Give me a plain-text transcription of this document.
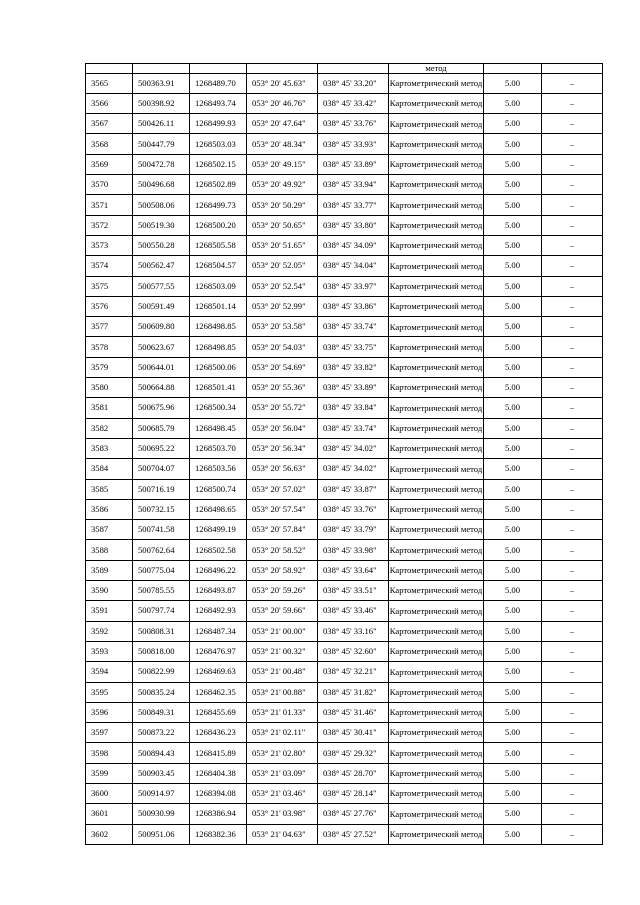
					метод		
3565	500363.91	1268489.70	053° 20' 45.63"	038° 45' 33.20"	Картометрический метод	5.00	–
3566	500398.92	1268493.74	053° 20' 46.76"	038° 45' 33.42"	Картометрический метод	5.00	–
3567	500426.11	1268499.93	053° 20' 47.64"	038° 45' 33.76"	Картометрический метод	5.00	–
3568	500447.79	1268503.03	053° 20' 48.34"	038° 45' 33.93"	Картометрический метод	5.00	–
3569	500472.78	1268502.15	053° 20' 49.15"	038° 45' 33.89"	Картометрический метод	5.00	–
3570	500496.68	1268502.89	053° 20' 49.92"	038° 45' 33.94"	Картометрический метод	5.00	–
3571	500508.06	1268499.73	053° 20' 50.29"	038° 45' 33.77"	Картометрический метод	5.00	–
3572	500519.30	1268500.20	053° 20' 50.65"	038° 45' 33.80"	Картометрический метод	5.00	–
3573	500550.28	1268505.58	053° 20' 51.65"	038° 45' 34.09"	Картометрический метод	5.00	–
3574	500562.47	1268504.57	053° 20' 52.05"	038° 45' 34.04"	Картометрический метод	5.00	–
3575	500577.55	1268503.09	053° 20' 52.54"	038° 45' 33.97"	Картометрический метод	5.00	–
3576	500591.49	1268501.14	053° 20' 52.99"	038° 45' 33.86"	Картометрический метод	5.00	–
3577	500609.80	1268498.85	053° 20' 53.58"	038° 45' 33.74"	Картометрический метод	5.00	–
3578	500623.67	1268498.85	053° 20' 54.03"	038° 45' 33.75"	Картометрический метод	5.00	–
3579	500644.01	1268500.06	053° 20' 54.69"	038° 45' 33.82"	Картометрический метод	5.00	–
3580	500664.88	1268501.41	053° 20' 55.36"	038° 45' 33.89"	Картометрический метод	5.00	–
3581	500675.96	1268500.34	053° 20' 55.72"	038° 45' 33.84"	Картометрический метод	5.00	–
3582	500685.79	1268498.45	053° 20' 56.04"	038° 45' 33.74"	Картометрический метод	5.00	–
3583	500695.22	1268503.70	053° 20' 56.34"	038° 45' 34.02"	Картометрический метод	5.00	–
3584	500704.07	1268503.56	053° 20' 56.63"	038° 45' 34.02"	Картометрический метод	5.00	–
3585	500716.19	1268500.74	053° 20' 57.02"	038° 45' 33.87"	Картометрический метод	5.00	–
3586	500732.15	1268498.65	053° 20' 57.54"	038° 45' 33.76"	Картометрический метод	5.00	–
3587	500741.58	1268499.19	053° 20' 57.84"	038° 45' 33.79"	Картометрический метод	5.00	–
3588	500762.64	1268502.58	053° 20' 58.52"	038° 45' 33.98"	Картометрический метод	5.00	–
3589	500775.04	1268496.22	053° 20' 58.92"	038° 45' 33.64"	Картометрический метод	5.00	–
3590	500785.55	1268493.87	053° 20' 59.26"	038° 45' 33.51"	Картометрический метод	5.00	–
3591	500797.74	1268492.93	053° 20' 59.66"	038° 45' 33.46"	Картометрический метод	5.00	–
3592	500808.31	1268487.34	053° 21' 00.00"	038° 45' 33.16"	Картометрический метод	5.00	–
3593	500818.00	1268476.97	053° 21' 00.32"	038° 45' 32.60"	Картометрический метод	5.00	–
3594	500822.99	1268469.63	053° 21' 00.48"	038° 45' 32.21"	Картометрический метод	5.00	–
3595	500835.24	1268462.35	053° 21' 00.88"	038° 45' 31.82"	Картометрический метод	5.00	–
3596	500849.31	1268455.69	053° 21' 01.33"	038° 45' 31.46"	Картометрический метод	5.00	–
3597	500873.22	1268436.23	053° 21' 02.11"	038° 45' 30.41"	Картометрический метод	5.00	–
3598	500894.43	1268415.89	053° 21' 02.80"	038° 45' 29.32"	Картометрический метод	5.00	–
3599	500903.45	1268404.38	053° 21' 03.09"	038° 45' 28.70"	Картометрический метод	5.00	–
3600	500914.97	1268394.08	053° 21' 03.46"	038° 45' 28.14"	Картометрический метод	5.00	–
3601	500930.99	1268386.94	053° 21' 03.98"	038° 45' 27.76"	Картометрический метод	5.00	–
3602	500951.06	1268382.36	053° 21' 04.63"	038° 45' 27.52"	Картометрический метод	5.00	–
